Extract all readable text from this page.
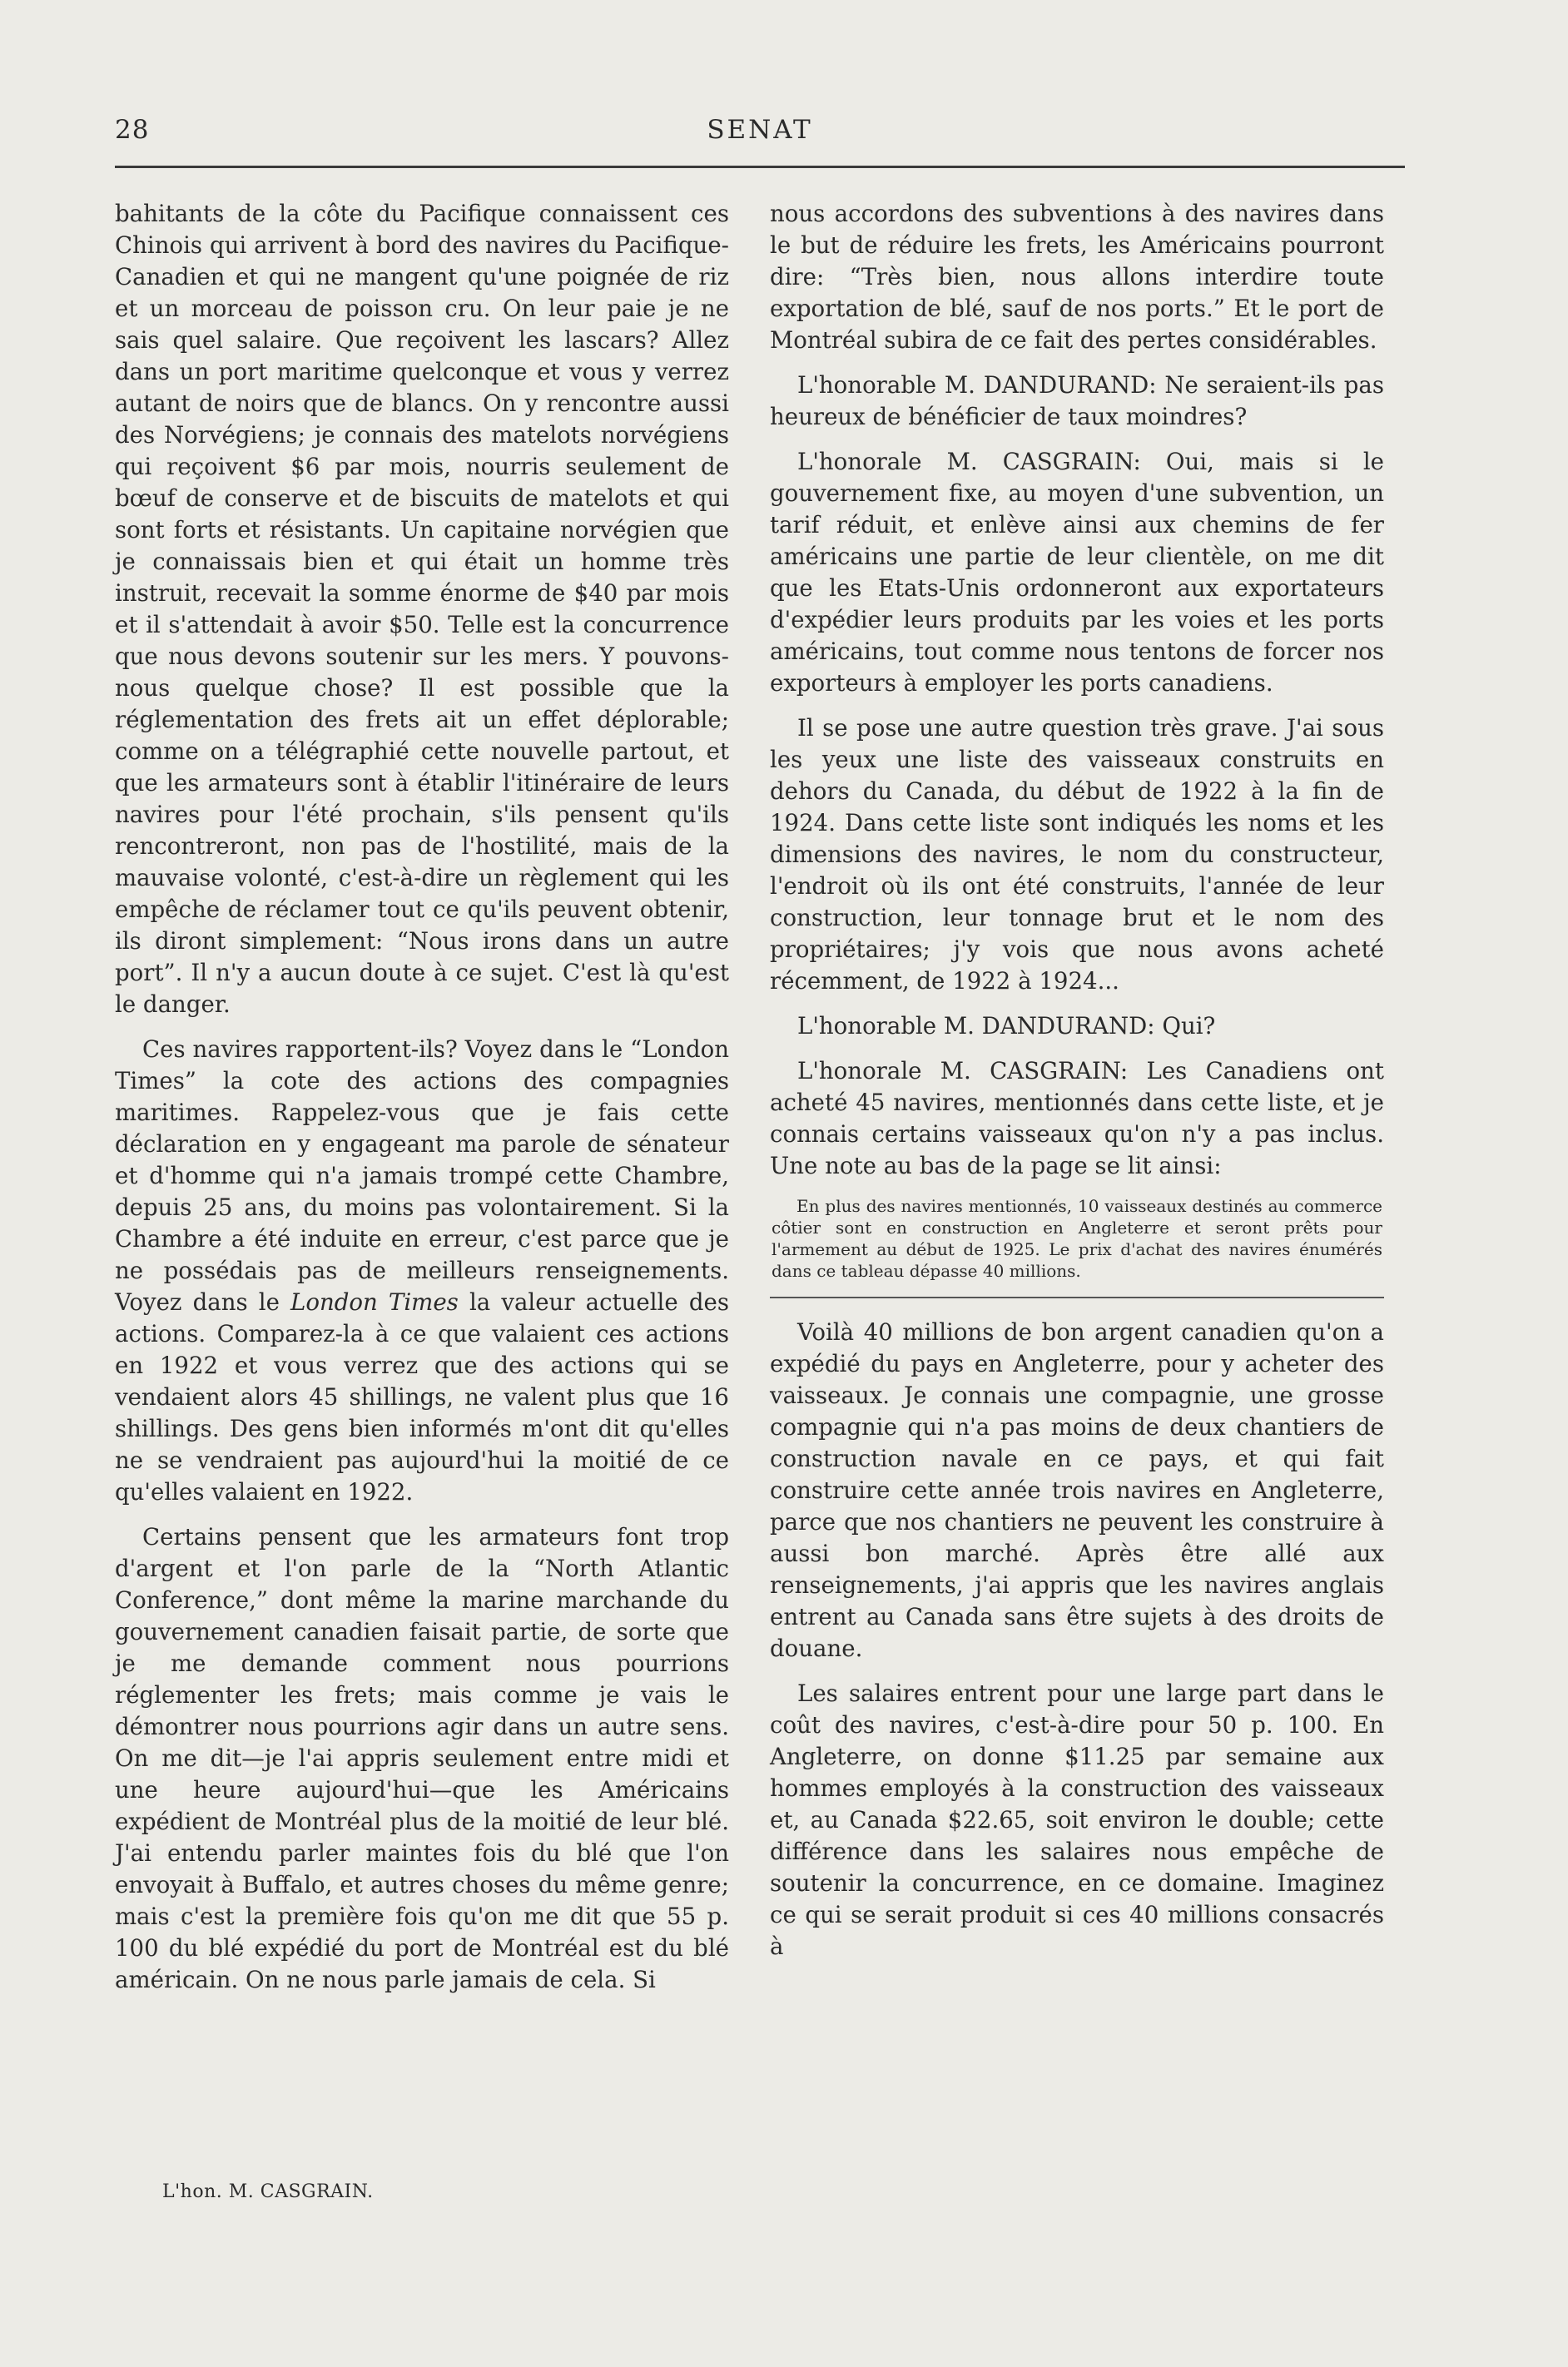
28	SENAT

bahitants de la côte du Pacifique connaissent ces Chinois qui arrivent à bord des navires du Pacifique-Canadien et qui ne mangent qu'une poignée de riz et un morceau de poisson cru. On leur paie je ne sais quel salaire. Que reçoivent les lascars? Allez dans un port maritime quelconque et vous y verrez autant de noirs que de blancs. On y rencontre aussi des Norvégiens; je connais des matelots norvégiens qui reçoivent $6 par mois, nourris seulement de bœuf de conserve et de biscuits de matelots et qui sont forts et résistants. Un capitaine norvégien que je connaissais bien et qui était un homme très instruit, recevait la somme énorme de $40 par mois et il s'attendait à avoir $50. Telle est la concurrence que nous devons soutenir sur les mers. Y pouvons-nous quelque chose? Il est possible que la réglementation des frets ait un effet déplorable; comme on a télégraphié cette nouvelle partout, et que les armateurs sont à établir l'itinéraire de leurs navires pour l'été prochain, s'ils pensent qu'ils rencontreront, non pas de l'hostilité, mais de la mauvaise volonté, c'est-à-dire un règlement qui les empêche de réclamer tout ce qu'ils peuvent obtenir, ils diront simplement: “Nous irons dans un autre port”. Il n'y a aucun doute à ce sujet. C'est là qu'est le danger.

Ces navires rapportent-ils? Voyez dans le “London Times” la cote des actions des compagnies maritimes. Rappelez-vous que je fais cette déclaration en y engageant ma parole de sénateur et d'homme qui n'a jamais trompé cette Chambre, depuis 25 ans, du moins pas volontairement. Si la Chambre a été induite en erreur, c'est parce que je ne possédais pas de meilleurs renseignements. Voyez dans le London Times la valeur actuelle des actions. Comparez-la à ce que valaient ces actions en 1922 et vous verrez que des actions qui se vendaient alors 45 shillings, ne valent plus que 16 shillings. Des gens bien informés m'ont dit qu'elles ne se vendraient pas aujourd'hui la moitié de ce qu'elles valaient en 1922.

Certains pensent que les armateurs font trop d'argent et l'on parle de la “North Atlantic Conference,” dont même la marine marchande du gouvernement canadien faisait partie, de sorte que je me demande comment nous pourrions réglementer les frets; mais comme je vais le démontrer nous pourrions agir dans un autre sens. On me dit—je l'ai appris seulement entre midi et une heure aujourd'hui—que les Américains expédient de Montréal plus de la moitié de leur blé. J'ai entendu parler maintes fois du blé que l'on envoyait à Buffalo, et autres choses du même genre; mais c'est la première fois qu'on me dit que 55 p. 100 du blé expédié du port de Montréal est du blé américain. On ne nous parle jamais de cela. Si

nous accordons des subventions à des navires dans le but de réduire les frets, les Américains pourront dire: “Très bien, nous allons interdire toute exportation de blé, sauf de nos ports.” Et le port de Montréal subira de ce fait des pertes considérables.

L'honorable M. DANDURAND: Ne seraient-ils pas heureux de bénéficier de taux moindres?

L'honorale M. CASGRAIN: Oui, mais si le gouvernement fixe, au moyen d'une subvention, un tarif réduit, et enlève ainsi aux chemins de fer américains une partie de leur clientèle, on me dit que les Etats-Unis ordonneront aux exportateurs d'expédier leurs produits par les voies et les ports américains, tout comme nous tentons de forcer nos exporteurs à employer les ports canadiens.

Il se pose une autre question très grave. J'ai sous les yeux une liste des vaisseaux construits en dehors du Canada, du début de 1922 à la fin de 1924. Dans cette liste sont indiqués les noms et les dimensions des navires, le nom du constructeur, l'endroit où ils ont été construits, l'année de leur construction, leur tonnage brut et le nom des propriétaires; j'y vois que nous avons acheté récemment, de 1922 à 1924...

L'honorable M. DANDURAND: Qui?

L'honorale M. CASGRAIN: Les Canadiens ont acheté 45 navires, mentionnés dans cette liste, et je connais certains vaisseaux qu'on n'y a pas inclus. Une note au bas de la page se lit ainsi:

En plus des navires mentionnés, 10 vaisseaux destinés au commerce côtier sont en construction en Angleterre et seront prêts pour l'armement au début de 1925. Le prix d'achat des navires énumérés dans ce tableau dépasse 40 millions.

Voilà 40 millions de bon argent canadien qu'on a expédié du pays en Angleterre, pour y acheter des vaisseaux. Je connais une compagnie, une grosse compagnie qui n'a pas moins de deux chantiers de construction navale en ce pays, et qui fait construire cette année trois navires en Angleterre, parce que nos chantiers ne peuvent les construire à aussi bon marché. Après être allé aux renseignements, j'ai appris que les navires anglais entrent au Canada sans être sujets à des droits de douane.

Les salaires entrent pour une large part dans le coût des navires, c'est-à-dire pour 50 p. 100. En Angleterre, on donne $11.25 par semaine aux hommes employés à la construction des vaisseaux et, au Canada $22.65, soit environ le double; cette différence dans les salaires nous empêche de soutenir la concurrence, en ce domaine. Imaginez ce qui se serait produit si ces 40 millions consacrés à

L'hon. M. CASGRAIN.
